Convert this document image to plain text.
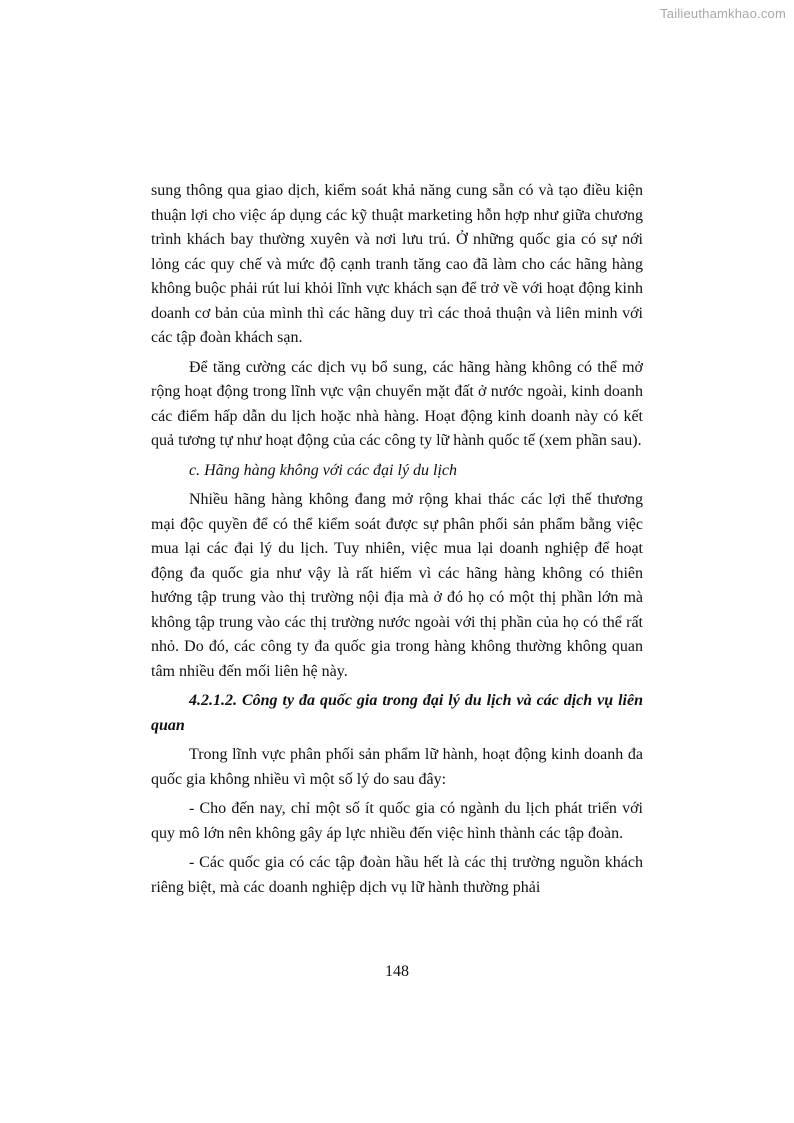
Tailieuthamkhao.com

sung thông qua giao dịch, kiểm soát khả năng cung sẵn có và tạo điều kiện thuận lợi cho việc áp dụng các kỹ thuật marketing hỗn hợp như giữa chương trình khách bay thường xuyên và nơi lưu trú. Ở những quốc gia có sự nới lỏng các quy chế và mức độ cạnh tranh tăng cao đã làm cho các hãng hàng không buộc phải rút lui khỏi lĩnh vực khách sạn để trở về với hoạt động kinh doanh cơ bản của mình thì các hãng duy trì các thoả thuận và liên minh với các tập đoàn khách sạn.

Để tăng cường các dịch vụ bổ sung, các hãng hàng không có thể mở rộng hoạt động trong lĩnh vực vận chuyển mặt đất ở nước ngoài, kinh doanh các điểm hấp dẫn du lịch hoặc nhà hàng. Hoạt động kinh doanh này có kết quả tương tự như hoạt động của các công ty lữ hành quốc tế (xem phần sau).

c. Hãng hàng không với các đại lý du lịch

Nhiều hãng hàng không đang mở rộng khai thác các lợi thế thương mại độc quyền để có thể kiểm soát được sự phân phối sản phẩm bằng việc mua lại các đại lý du lịch. Tuy nhiên, việc mua lại doanh nghiệp để hoạt động đa quốc gia như vậy là rất hiếm vì các hãng hàng không có thiên hướng tập trung vào thị trường nội địa mà ở đó họ có một thị phần lớn mà không tập trung vào các thị trường nước ngoài với thị phần của họ có thể rất nhỏ. Do đó, các công ty đa quốc gia trong hàng không thường không quan tâm nhiều đến mối liên hệ này.

4.2.1.2. Công ty đa quốc gia trong đại lý du lịch và các dịch vụ liên quan

Trong lĩnh vực phân phối sản phẩm lữ hành, hoạt động kinh doanh đa quốc gia không nhiều vì một số lý do sau đây:

- Cho đến nay, chỉ một số ít quốc gia có ngành du lịch phát triển với quy mô lớn nên không gây áp lực nhiều đến việc hình thành các tập đoàn.

- Các quốc gia có các tập đoàn hầu hết là các thị trường nguồn khách riêng biệt, mà các doanh nghiệp dịch vụ lữ hành thường phải

148
